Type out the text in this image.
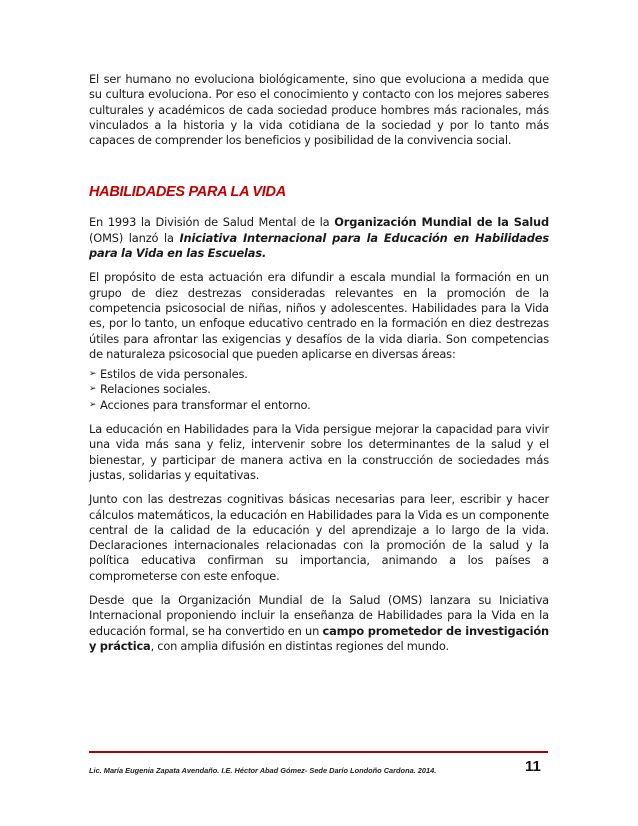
El ser humano no evoluciona biológicamente, sino que evoluciona a medida que su cultura evoluciona. Por eso el conocimiento y contacto con los mejores saberes culturales y académicos de cada sociedad produce hombres más racionales, más vinculados a la historia y la vida cotidiana de la sociedad y por lo tanto más capaces de comprender los beneficios y posibilidad de la convivencia social.

HABILIDADES PARA LA VIDA

En 1993 la División de Salud Mental de la Organización Mundial de la Salud (OMS) lanzó la Iniciativa Internacional para la Educación en Habilidades para la Vida en las Escuelas.

El propósito de esta actuación era difundir a escala mundial la formación en un grupo de diez destrezas consideradas relevantes en la promoción de la competencia psicosocial de niñas, niños y adolescentes. Habilidades para la Vida es, por lo tanto, un enfoque educativo centrado en la formación en diez destrezas útiles para afrontar las exigencias y desafíos de la vida diaria. Son competencias de naturaleza psicosocial que pueden aplicarse en diversas áreas:

➢ Estilos de vida personales.
➢ Relaciones sociales.
➢ Acciones para transformar el entorno.

La educación en Habilidades para la Vida persigue mejorar la capacidad para vivir una vida más sana y feliz, intervenir sobre los determinantes de la salud y el bienestar, y participar de manera activa en la construcción de sociedades más justas, solidarias y equitativas.

Junto con las destrezas cognitivas básicas necesarias para leer, escribir y hacer cálculos matemáticos, la educación en Habilidades para la Vida es un componente central de la calidad de la educación y del aprendizaje a lo largo de la vida. Declaraciones internacionales relacionadas con la promoción de la salud y la política educativa confirman su importancia, animando a los países a comprometerse con este enfoque.

Desde que la Organización Mundial de la Salud (OMS) lanzara su Iniciativa Internacional proponiendo incluir la enseñanza de Habilidades para la Vida en la educación formal, se ha convertido en un campo prometedor de investigación y práctica, con amplia difusión en distintas regiones del mundo.

Lic. María Eugenia Zapata Avendaño. I.E. Héctor Abad Gómez- Sede Darío Londoño Cardona. 2014.	11
